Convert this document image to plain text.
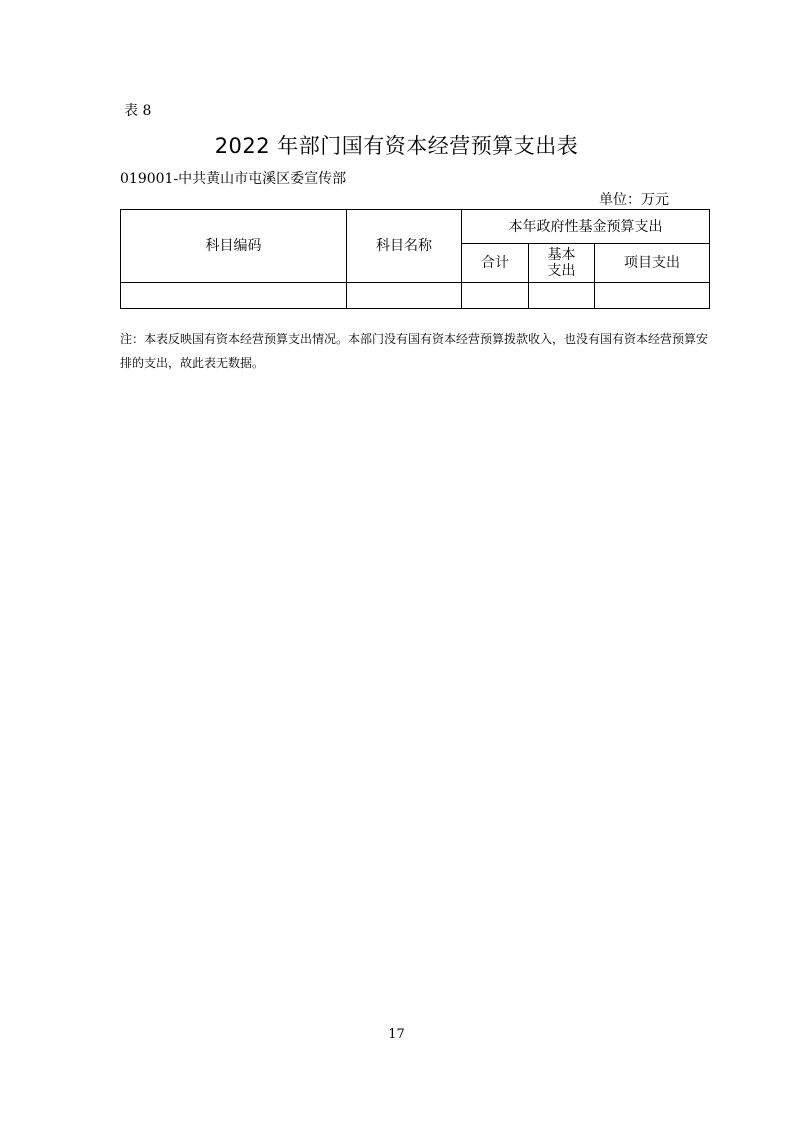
表 8
2022 年部门国有资本经营预算支出表
019001-中共黄山市屯溪区委宣传部
单位：万元
科目编码	科目名称	本年政府性基金预算支出		
		合计	基本支出	项目支出

注：本表反映国有资本经营预算支出情况。本部门没有国有资本经营预算拨款收入，也没有国有资本经营预算安排的支出，故此表无数据。
17
